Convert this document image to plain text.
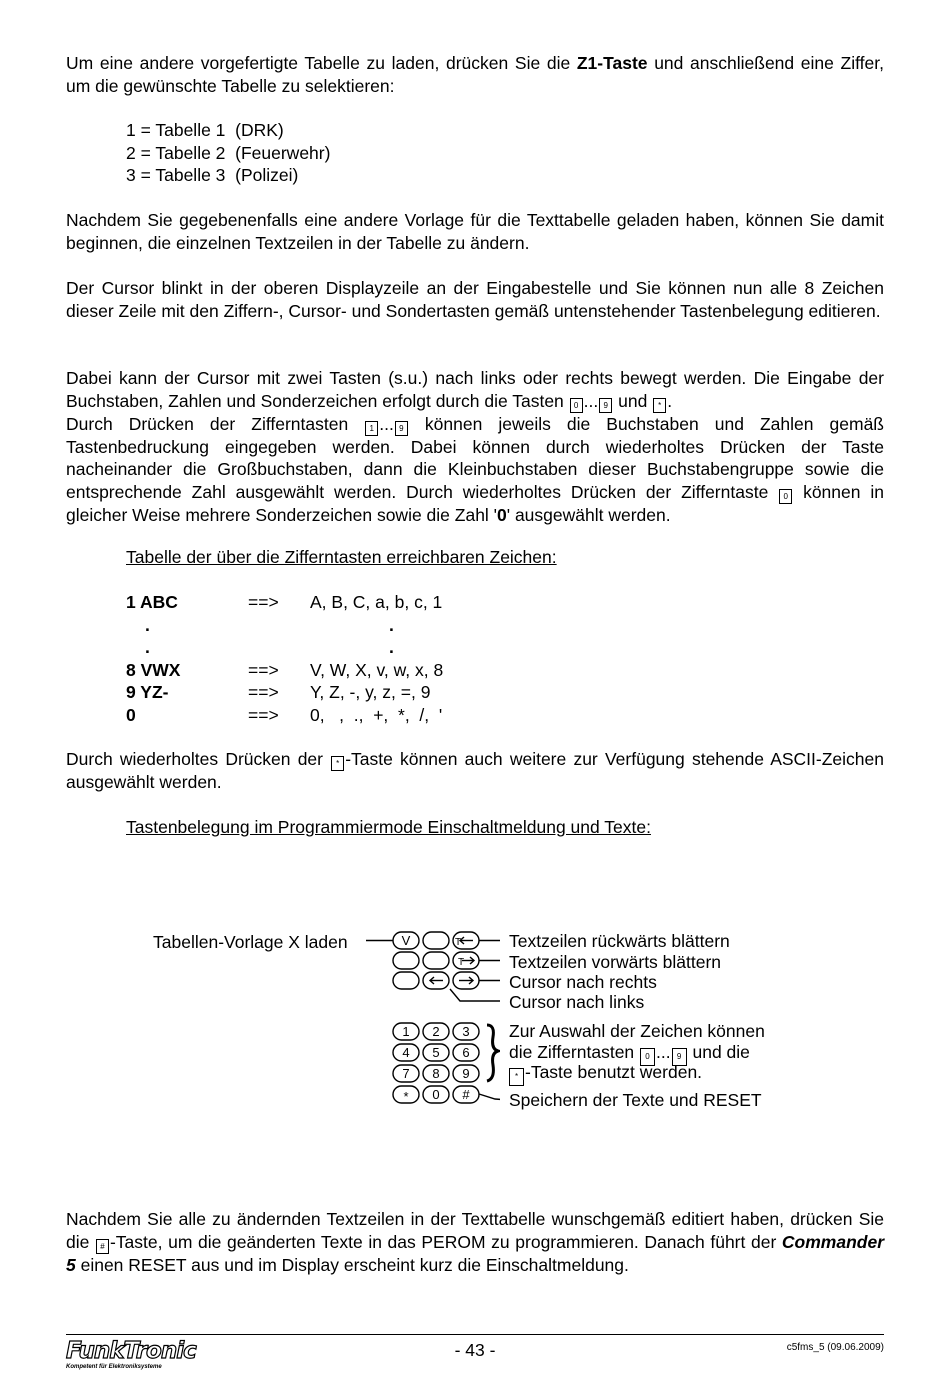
Um eine andere vorgefertigte Tabelle zu laden, drücken Sie die Z1-Taste und anschließend eine Ziffer, um die gewünschte Tabelle zu selektieren:

1 = Tabelle 1  (DRK)
2 = Tabelle 2  (Feuerwehr)
3 = Tabelle 3  (Polizei)

Nachdem Sie gegebenenfalls eine andere Vorlage für die Texttabelle geladen haben, können Sie damit beginnen, die einzelnen Textzeilen in der Tabelle zu ändern.

Der Cursor blinkt in der oberen Displayzeile an der Eingabestelle und Sie können nun alle 8 Zeichen dieser Zeile mit den Ziffern-, Cursor- und Sondertasten gemäß untenstehender Tastenbelegung editieren.

Dabei kann der Cursor mit zwei Tasten (s.u.) nach links oder rechts bewegt werden. Die Eingabe der Buchstaben, Zahlen und Sonderzeichen erfolgt durch die Tasten 0 ... 9 und * .
Durch Drücken der Zifferntasten 1 ... 9 können jeweils die Buchstaben und Zahlen gemäß Tastenbedruckung eingegeben werden. Dabei können durch wiederholtes Drücken der Taste nacheinander die Großbuchstaben, dann die Kleinbuchstaben dieser Buchstabengruppe sowie die entsprechende Zahl ausgewählt werden. Durch wiederholtes Drücken der Zifferntaste 0 können in gleicher Weise mehrere Sonderzeichen sowie die Zahl '0' ausgewählt werden.

Tabelle der über die Zifferntasten erreichbaren Zeichen:
1 ABC	==> A, B, C, a, b, c, 1
.	.
.	.
8 VWX	==> V, W, X, v, w, x, 8
9 YZ-	==> Y, Z, -, y, z, =, 9
0	==> 0,   ,  .,  +,  *,  /,  '

Durch wiederholtes Drücken der * -Taste können auch weitere zur Verfügung stehende ASCII-Zeichen ausgewählt werden.

Tastenbelegung im Programmiermode Einschaltmeldung und Texte:
V	T
T
1 2 3
4 5 6
7 8 9
* 0 #
Tabellen-Vorlage X laden	Textzeilen rückwärts blättern
Textzeilen vorwärts blättern
Cursor nach rechts
Cursor nach links
Zur Auswahl der Zeichen können
die Zifferntasten 0 ... 9 und die
* -Taste benutzt werden.
Speichern der Texte und RESET

Nachdem Sie alle zu ändernden Textzeilen in der Texttabelle wunschgemäß editiert haben, drücken Sie die # -Taste, um die geänderten Texte in das PEROM zu programmieren. Danach führt der Commander 5 einen RESET aus und im Display erscheint kurz die Einschaltmeldung.

FunkTronic
Kompetent für Elektroniksysteme
- 43 -	c5fms_5 (09.06.2009)
